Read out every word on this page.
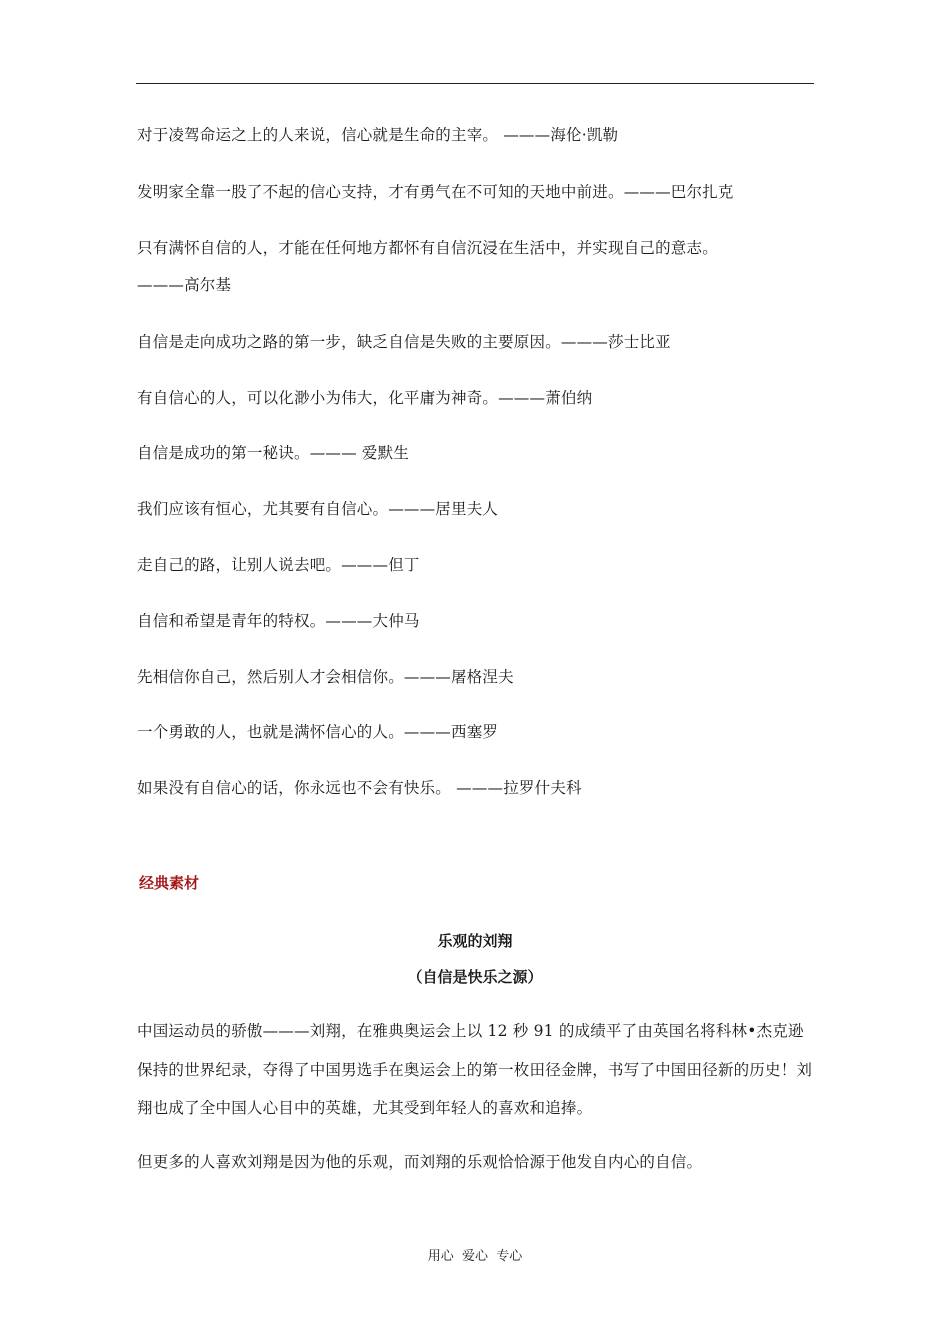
对于凌驾命运之上的人来说，信心就是生命的主宰。 ———海伦·凯勒
发明家全靠一股了不起的信心支持，才有勇气在不可知的天地中前进。———巴尔扎克
只有满怀自信的人，才能在任何地方都怀有自信沉浸在生活中，并实现自己的意志。
———高尔基
自信是走向成功之路的第一步，缺乏自信是失败的主要原因。———莎士比亚
有自信心的人，可以化渺小为伟大，化平庸为神奇。———萧伯纳
自信是成功的第一秘诀。——— 爱默生
我们应该有恒心，尤其要有自信心。———居里夫人
走自己的路，让别人说去吧。———但丁
自信和希望是青年的特权。———大仲马
先相信你自己，然后别人才会相信你。———屠格涅夫
一个勇敢的人，也就是满怀信心的人。———西塞罗
如果没有自信心的话，你永远也不会有快乐。 ———拉罗什夫科
经典素材
乐观的刘翔
（自信是快乐之源）
中国运动员的骄傲———刘翔，在雅典奥运会上以 12 秒 91 的成绩平了由英国名将科林•杰克逊保持的世界纪录，夺得了中国男选手在奥运会上的第一枚田径金牌，书写了中国田径新的历史！刘翔也成了全中国人心目中的英雄，尤其受到年轻人的喜欢和追捧。
但更多的人喜欢刘翔是因为他的乐观，而刘翔的乐观恰恰源于他发自内心的自信。
用心  爱心  专心
